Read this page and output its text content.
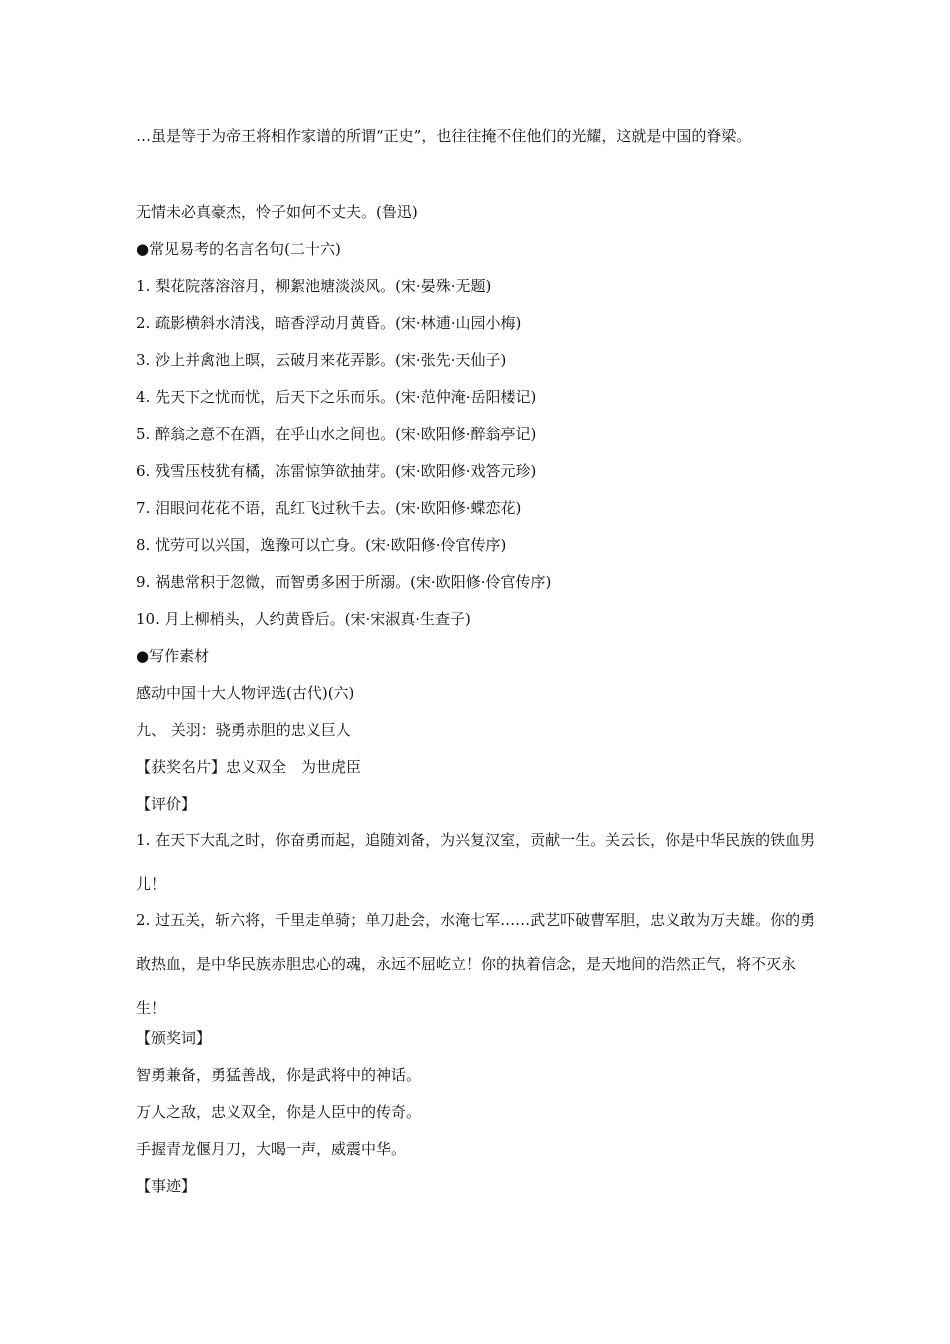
…虽是等于为帝王将相作家谱的所谓“正史”，也往往掩不住他们的光耀，这就是中国的脊梁。

无情未必真豪杰，怜子如何不丈夫。(鲁迅)

●常见易考的名言名句(二十六)

1. 梨花院落溶溶月，柳絮池塘淡淡风。(宋·晏殊·无题)

2. 疏影横斜水清浅，暗香浮动月黄昏。(宋·林逋·山园小梅)

3. 沙上并禽池上暝，云破月来花弄影。(宋·张先·天仙子)

4. 先天下之忧而忧，后天下之乐而乐。(宋·范仲淹·岳阳楼记)

5. 醉翁之意不在酒，在乎山水之间也。(宋·欧阳修·醉翁亭记)

6. 残雪压枝犹有橘，冻雷惊笋欲抽芽。(宋·欧阳修·戏答元珍)

7. 泪眼问花花不语，乱红飞过秋千去。(宋·欧阳修·蝶恋花)

8. 忧劳可以兴国，逸豫可以亡身。(宋·欧阳修·伶官传序)

9. 祸患常积于忽微，而智勇多困于所溺。(宋·欧阳修·伶官传序)

10. 月上柳梢头，人约黄昏后。(宋·宋淑真·生查子)

●写作素材

感动中国十大人物评选(古代)(六)

九、 关羽：骁勇赤胆的忠义巨人

【获奖名片】忠义双全　为世虎臣

【评价】

1. 在天下大乱之时，你奋勇而起，追随刘备，为兴复汉室，贡献一生。关云长，你是中华民族的铁血男儿！

2. 过五关，斩六将，千里走单骑；单刀赴会，水淹七军……武艺吓破曹军胆，忠义敢为万夫雄。你的勇敢热血，是中华民族赤胆忠心的魂，永远不屈屹立！你的执着信念，是天地间的浩然正气，将不灭永生！

【颁奖词】

智勇兼备，勇猛善战，你是武将中的神话。

万人之敌，忠义双全，你是人臣中的传奇。

手握青龙偃月刀，大喝一声，威震中华。

【事迹】
